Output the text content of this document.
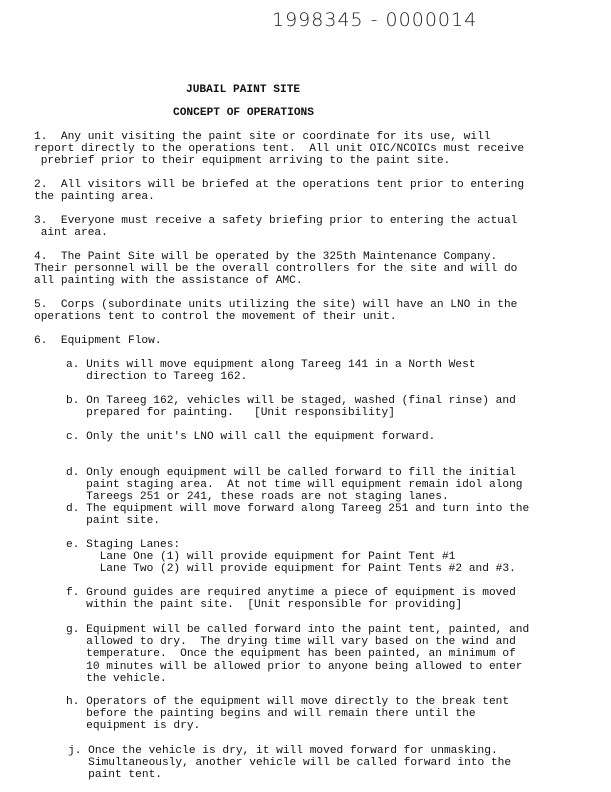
1998345 - 0000014
JUBAIL PAINT SITE
CONCEPT OF OPERATIONS
1.  Any unit visiting the paint site or coordinate for its use, will
report directly to the operations tent.  All unit OIC/NCOICs must receive
prebrief prior to their equipment arriving to the paint site.
2.  All visitors will be briefed at the operations tent prior to entering
the painting area.
3.  Everyone must receive a safety briefing prior to entering the actual
aint area.
4.  The Paint Site will be operated by the 325th Maintenance Company.
Their personnel will be the overall controllers for the site and will do
all painting with the assistance of AMC.
5.  Corps (subordinate units utilizing the site) will have an LNO in the
operations tent to control the movement of their unit.
6.  Equipment Flow.
a. Units will move equipment along Tareeg 141 in a North West
direction to Tareeg 162.
b. On Tareeg 162, vehicles will be staged, washed (final rinse) and
prepared for painting.   [Unit responsibility]
c. Only the unit's LNO will call the equipment forward.
d. Only enough equipment will be called forward to fill the initial
paint staging area.  At not time will equipment remain idol along
Tareegs 251 or 241, these roads are not staging lanes.
d. The equipment will move forward along Tareeg 251 and turn into the
paint site.
e. Staging Lanes:
Lane One (1) will provide equipment for Paint Tent #1
Lane Two (2) will provide equipment for Paint Tents #2 and #3.
f. Ground guides are required anytime a piece of equipment is moved
within the paint site.  [Unit responsible for providing]
g. Equipment will be called forward into the paint tent, painted, and
allowed to dry.  The drying time will vary based on the wind and
temperature.  Once the equipment has been painted, an minimum of
10 minutes will be allowed prior to anyone being allowed to enter
the vehicle.
h. Operators of the equipment will move directly to the break tent
before the painting begins and will remain there until the
equipment is dry.
j. Once the vehicle is dry, it will moved forward for unmasking.
Simultaneously, another vehicle will be called forward into the
paint tent.
